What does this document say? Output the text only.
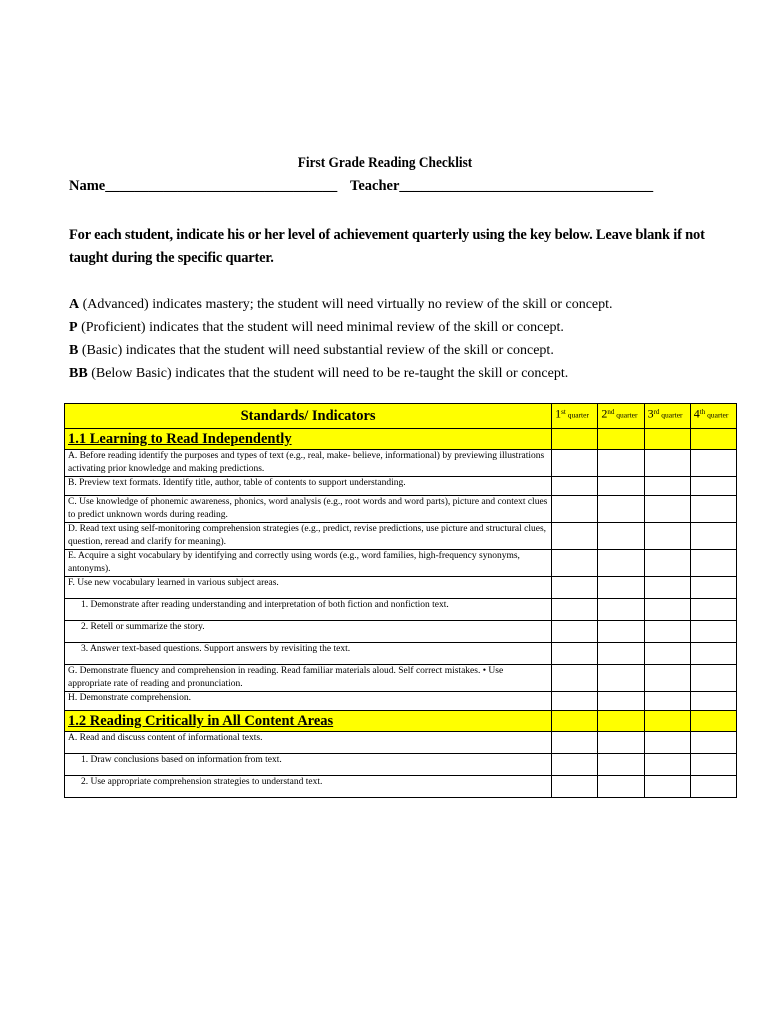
First Grade Reading Checklist
Name________________________________ Teacher___________________________________
For each student, indicate his or her level of achievement quarterly using the key below. Leave blank if not taught during the specific quarter.
A (Advanced) indicates mastery; the student will need virtually no review of the skill or concept.
P (Proficient) indicates that the student will need minimal review of the skill or concept.
B (Basic) indicates that the student will need substantial review of the skill or concept.
BB (Below Basic) indicates that the student will need to be re-taught the skill or concept.
Standards/ Indicators	1st quarter	2nd quarter	3rd quarter	4th quarter
1.1 Learning to Read Independently				
A. Before reading identify the purposes and types of text (e.g., real, make- believe, informational) by previewing illustrations activating prior knowledge and making predictions.				
B. Preview text formats. Identify title, author, table of contents to support understanding.				
C. Use knowledge of phonemic awareness, phonics, word analysis (e.g., root words and word parts), picture and context clues to predict unknown words during reading.				
D. Read text using self-monitoring comprehension strategies (e.g., predict, revise predictions, use picture and structural clues, question, reread and clarify for meaning).				
E. Acquire a sight vocabulary by identifying and correctly using words (e.g., word families, high-frequency synonyms, antonyms).				
F. Use new vocabulary learned in various subject areas.				
1. Demonstrate after reading understanding and interpretation of both fiction and nonfiction text.				
2. Retell or summarize the story.				
3. Answer text-based questions. Support answers by revisiting the text.				
G. Demonstrate fluency and comprehension in reading. Read familiar materials aloud. Self correct mistakes. • Use appropriate rate of reading and pronunciation.				
H. Demonstrate comprehension.				
1.2 Reading Critically in All Content Areas				
A. Read and discuss content of informational texts.				
1. Draw conclusions based on information from text.				
2. Use appropriate comprehension strategies to understand text.				
